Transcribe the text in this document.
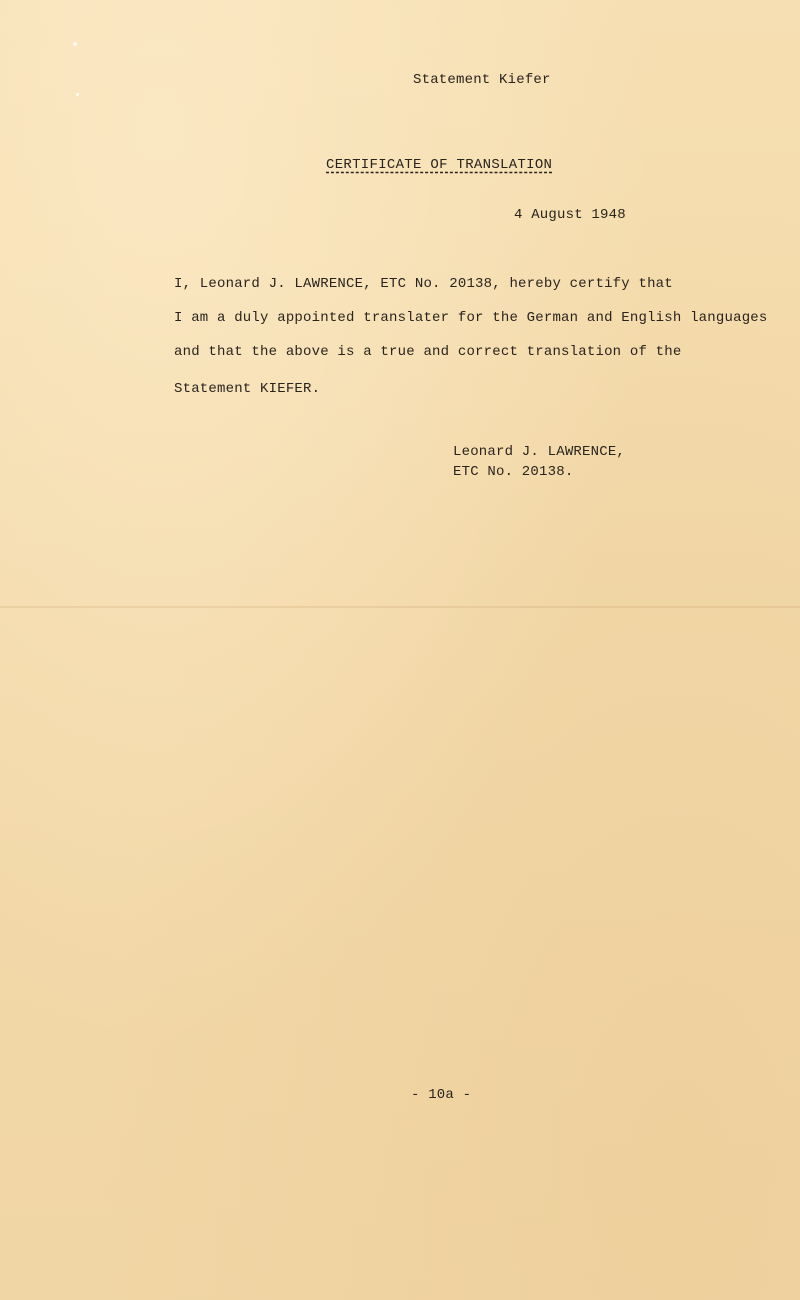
Statement Kiefer
CERTIFICATE OF TRANSLATION
4 August 1948
I, Leonard J. LAWRENCE, ETC No. 20138, hereby certify that
I am a duly appointed translater for the German and English languages
and that the above is a true and correct translation of the
Statement KIEFER.
Leonard J. LAWRENCE,
ETC No. 20138.
- 10a -
